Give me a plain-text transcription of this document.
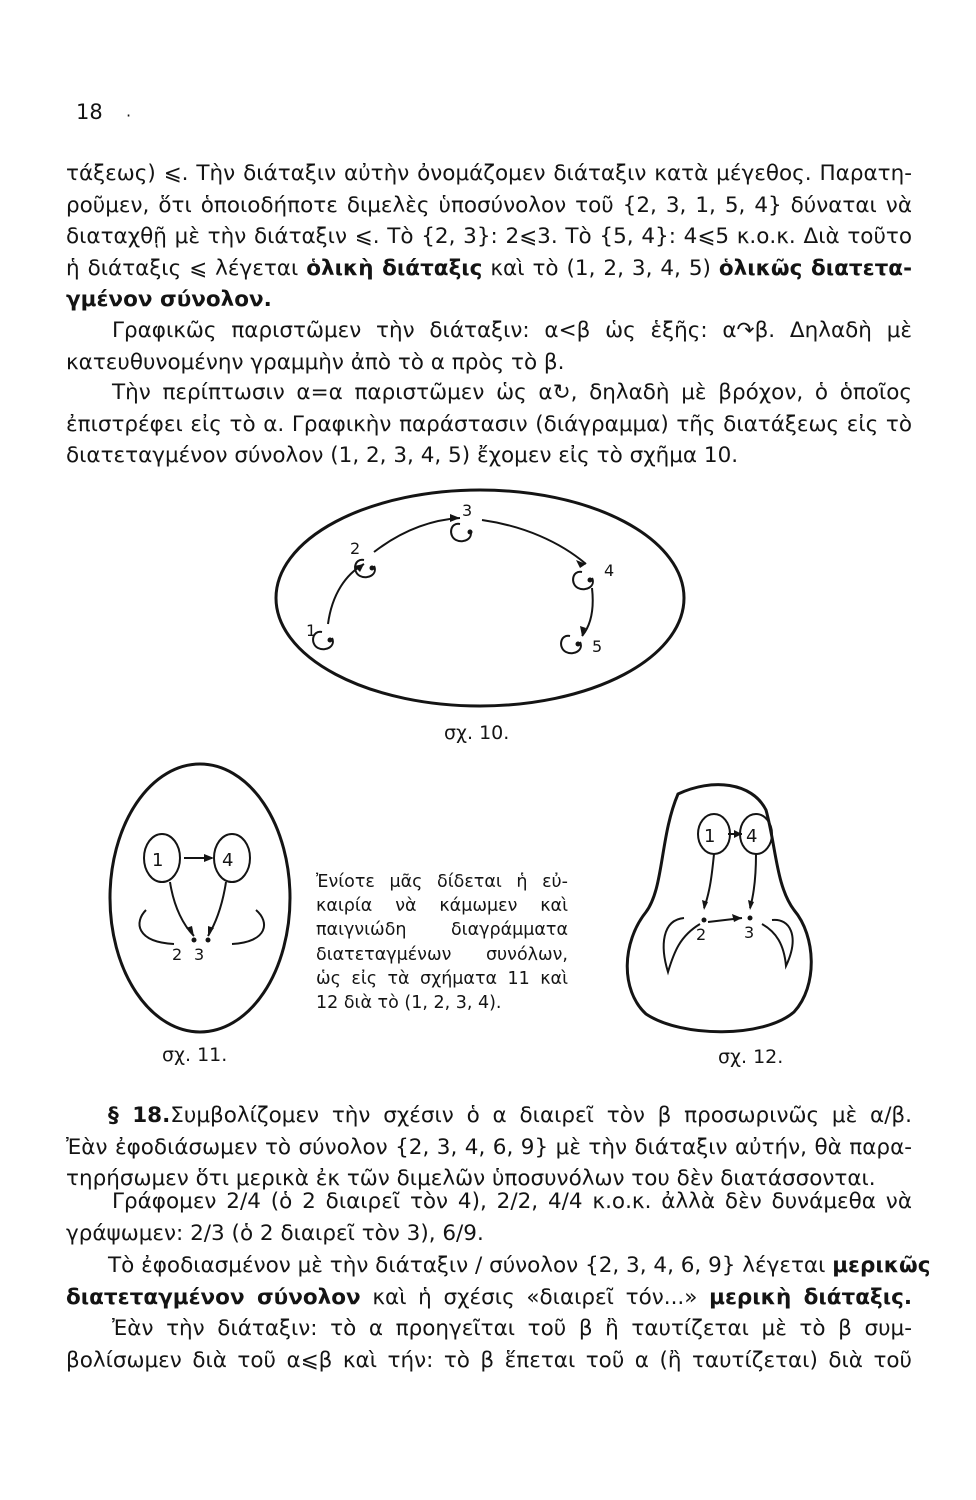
18 ·
τάξεως) ⩽. Τὴν διάταξιν αὐτὴν ὀνομάζομεν διάταξιν κατὰ μέγεθος. Παρατη-
ροῦμεν, ὅτι ὁποιοδήποτε διμελὲς ὑποσύνολον τοῦ {2, 3, 1, 5, 4} δύναται νὰ
διαταχθῇ μὲ τὴν διάταξιν ⩽. Τὸ {2, 3}: 2⩽3. Τὸ {5, 4}: 4⩽5 κ.ο.κ. Διὰ τοῦτο
ἡ διάταξις ⩽ λέγεται ὁλικὴ διάταξις καὶ τὸ (1, 2, 3, 4, 5) ὁλικῶς διατετα-
γμένον σύνολον.
Γραφικῶς παριστῶμεν τὴν διάταξιν: α<β ὡς ἑξῆς: α↷β. Δηλαδὴ μὲ
κατευθυνομένην γραμμὴν ἀπὸ τὸ α πρὸς τὸ β.
Τὴν περίπτωσιν α=α παριστῶμεν ὡς α↻, δηλαδὴ μὲ βρόχον, ὁ ὁποῖος
ἐπιστρέφει εἰς τὸ α. Γραφικὴν παράστασιν (διάγραμμα) τῆς διατάξεως εἰς τὸ
διατεταγμένον σύνολον (1, 2, 3, 4, 5) ἔχομεν εἰς τὸ σχῆμα 10.
1
2
3
4
5
σχ. 10.
1	4
2 3
σχ. 11.
Ἐνίοτε μᾶς δίδεται ἡ εὐ-
καιρία νὰ κάμωμεν καὶ
παιγνιώδη διαγράμματα
διατεταγμένων συνόλων,
ὡς εἰς τὰ σχήματα 11 καὶ
12 διὰ τὸ (1, 2, 3, 4).
1 4
2 3
σχ. 12.
§ 18.Συμβολίζομεν τὴν σχέσιν ὁ α διαιρεῖ τὸν β προσωρινῶς μὲ α/β.
Ἐὰν ἐφοδιάσωμεν τὸ σύνολον {2, 3, 4, 6, 9} μὲ τὴν διάταξιν αὐτήν, θὰ παρα-
τηρήσωμεν ὅτι μερικὰ ἐκ τῶν διμελῶν ὑποσυνόλων του δὲν διατάσσονται.
Γράφομεν 2/4 (ὁ 2 διαιρεῖ τὸν 4), 2/2, 4/4 κ.ο.κ. ἀλλὰ δὲν δυνάμεθα νὰ
γράψωμεν: 2/3 (ὁ 2 διαιρεῖ τὸν 3), 6/9.
Τὸ ἐφοδιασμένον μὲ τὴν διάταξιν / σύνολον {2, 3, 4, 6, 9} λέγεται μερικῶς
διατεταγμένον σύνολον καὶ ἡ σχέσις «διαιρεῖ τόν...» μερικὴ διάταξις.
Ἐὰν τὴν διάταξιν: τὸ α προηγεῖται τοῦ β ἢ ταυτίζεται μὲ τὸ β συμ-
βολίσωμεν διὰ τοῦ α⩽β καὶ τήν: τὸ β ἕπεται τοῦ α (ἢ ταυτίζεται) διὰ τοῦ
